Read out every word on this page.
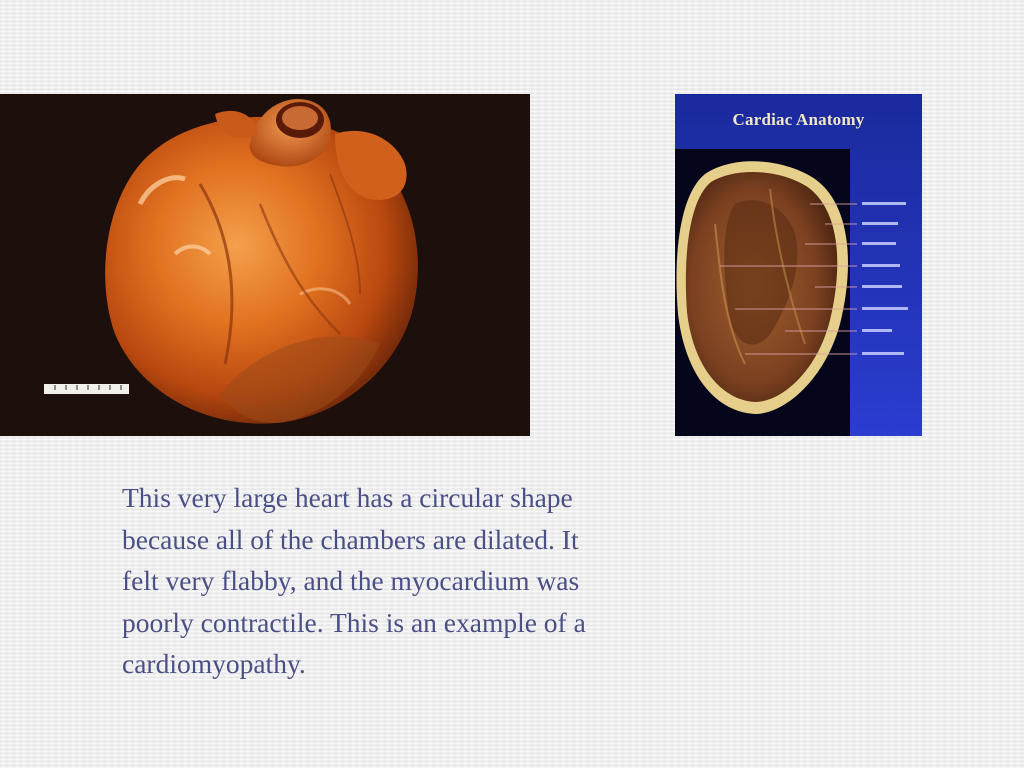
Cardiac Anatomy
This very large heart has a circular shape
because all of the chambers are dilated. It
felt very flabby, and the myocardium was
poorly contractile. This is an example of a
cardiomyopathy.
